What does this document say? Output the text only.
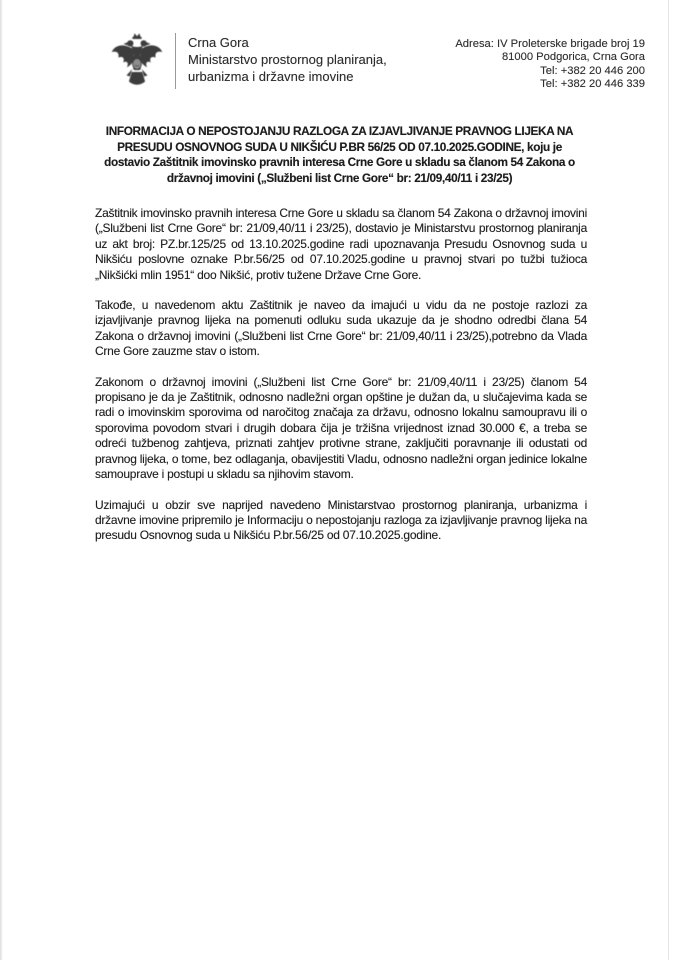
Crna Gora
Ministarstvo prostornog planiranja,
urbanizma i državne imovine
Adresa: IV Proleterske brigade broj 19
81000 Podgorica, Crna Gora
Tel: +382 20 446 200
Tel: +382 20 446 339
INFORMACIJA O NEPOSTOJANJU RAZLOGA ZA IZJAVLJIVANJE PRAVNOG LIJEKA NA
PRESUDU OSNOVNOG SUDA U NIKŠIĆU P.BR 56/25 OD 07.10.2025.GODINE, koju je
dostavio Zaštitnik imovinsko pravnih interesa Crne Gore u skladu sa članom 54 Zakona o
državnoj imovini („Službeni list Crne Gore“ br: 21/09,40/11 i 23/25)

Zaštitnik imovinsko pravnih interesa Crne Gore u skladu sa članom 54 Zakona o državnoj imovini („Službeni list Crne Gore“ br: 21/09,40/11 i 23/25), dostavio je Ministarstvu prostornog planiranja uz akt broj: PZ.br.125/25 od 13.10.2025.godine radi upoznavanja Presudu Osnovnog suda u Nikšiću poslovne oznake P.br.56/25 od 07.10.2025.godine u pravnoj stvari po tužbi tužioca „Nikšićki mlin 1951“ doo Nikšić, protiv tužene Države Crne Gore.

Takođe, u navedenom aktu Zaštitnik je naveo da imajući u vidu da ne postoje razlozi za izjavljivanje pravnog lijeka na pomenuti odluku suda ukazuje da je shodno odredbi člana 54 Zakona o državnoj imovini („Službeni list Crne Gore“ br: 21/09,40/11 i 23/25),potrebno da Vlada Crne Gore zauzme stav o istom.

Zakonom o državnoj imovini („Službeni list Crne Gore“ br: 21/09,40/11 i 23/25) članom 54 propisano je da je Zaštitnik, odnosno nadležni organ opštine je dužan da, u slučajevima kada se radi o imovinskim sporovima od naročitog značaja za državu, odnosno lokalnu samoupravu ili o sporovima povodom stvari i drugih dobara čija je tržišna vrijednost iznad 30.000 €, a treba se odreći tužbenog zahtjeva, priznati zahtjev protivne strane, zaključiti poravnanje ili odustati od pravnog lijeka, o tome, bez odlaganja, obavijestiti Vladu, odnosno nadležni organ jedinice lokalne samouprave i postupi u skladu sa njihovim stavom.

Uzimajući u obzir sve naprijed navedeno Ministarstvao prostornog planiranja, urbanizma i državne imovine pripremilo je Informaciju o nepostojanju razloga za izjavljivanje pravnog lijeka na presudu Osnovnog suda u Nikšiću P.br.56/25 od 07.10.2025.godine.
